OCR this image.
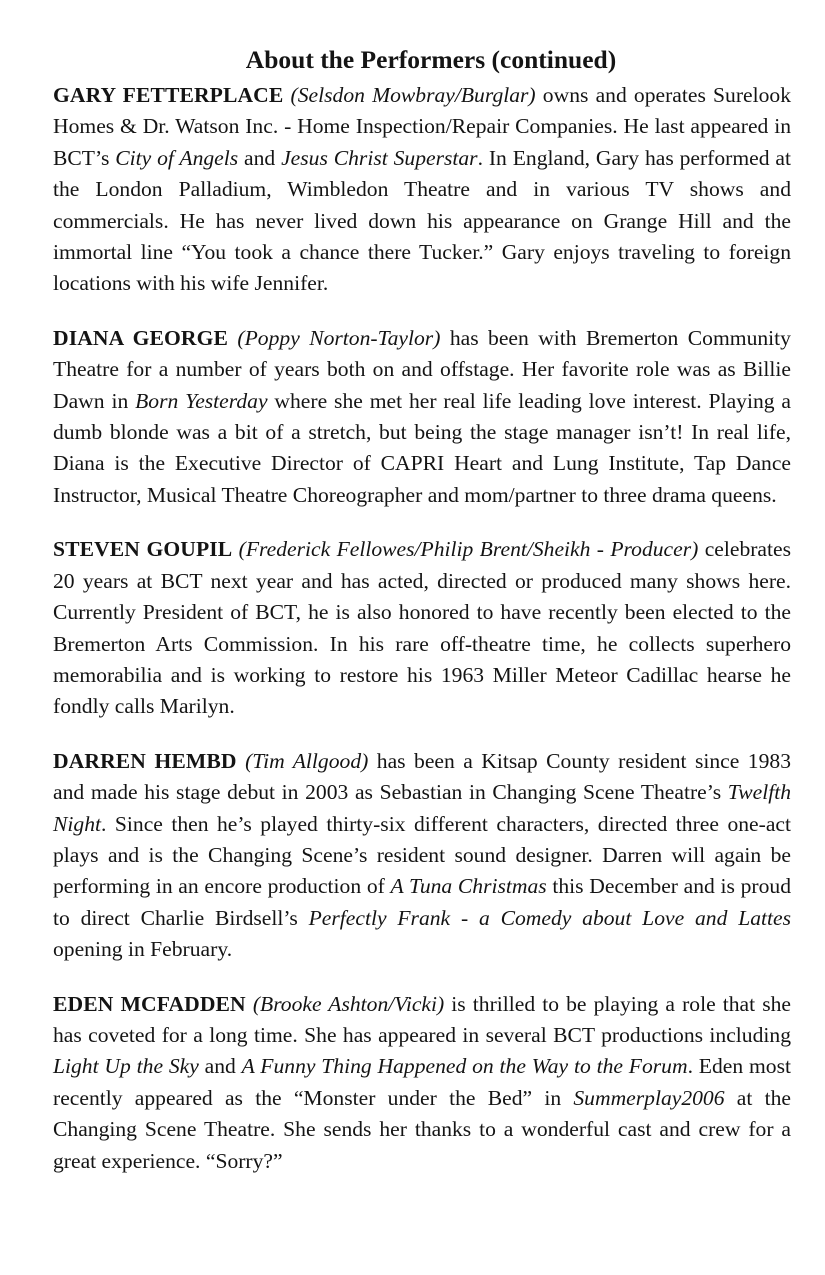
About the Performers (continued)

GARY FETTERPLACE (Selsdon Mowbray/Burglar) owns and operates Surelook Homes & Dr. Watson Inc. - Home Inspection/Repair Companies. He last appeared in BCT’s City of Angels and Jesus Christ Superstar. In England, Gary has performed at the London Palladium, Wimbledon Theatre and in various TV shows and commercials. He has never lived down his appearance on Grange Hill and the immortal line “You took a chance there Tucker.” Gary enjoys traveling to foreign locations with his wife Jennifer.

DIANA GEORGE (Poppy Norton-Taylor) has been with Bremerton Community Theatre for a number of years both on and offstage. Her favorite role was as Billie Dawn in Born Yesterday where she met her real life leading love interest. Playing a dumb blonde was a bit of a stretch, but being the stage manager isn’t! In real life, Diana is the Executive Director of CAPRI Heart and Lung Institute, Tap Dance Instructor, Musical Theatre Choreographer and mom/partner to three drama queens.

STEVEN GOUPIL (Frederick Fellowes/Philip Brent/Sheikh - Producer) celebrates 20 years at BCT next year and has acted, directed or produced many shows here. Currently President of BCT, he is also honored to have recently been elected to the Bremerton Arts Commission. In his rare off-theatre time, he collects superhero memorabilia and is working to restore his 1963 Miller Meteor Cadillac hearse he fondly calls Marilyn.

DARREN HEMBD (Tim Allgood) has been a Kitsap County resident since 1983 and made his stage debut in 2003 as Sebastian in Changing Scene Theatre’s Twelfth Night. Since then he’s played thirty-six different characters, directed three one-act plays and is the Changing Scene’s resident sound designer. Darren will again be performing in an encore production of A Tuna Christmas this December and is proud to direct Charlie Birdsell’s Perfectly Frank - a Comedy about Love and Lattes opening in February.

EDEN MCFADDEN (Brooke Ashton/Vicki) is thrilled to be playing a role that she has coveted for a long time. She has appeared in several BCT productions including Light Up the Sky and A Funny Thing Happened on the Way to the Forum. Eden most recently appeared as the “Monster under the Bed” in Summerplay2006 at the Changing Scene Theatre. She sends her thanks to a wonderful cast and crew for a great experience. “Sorry?”
